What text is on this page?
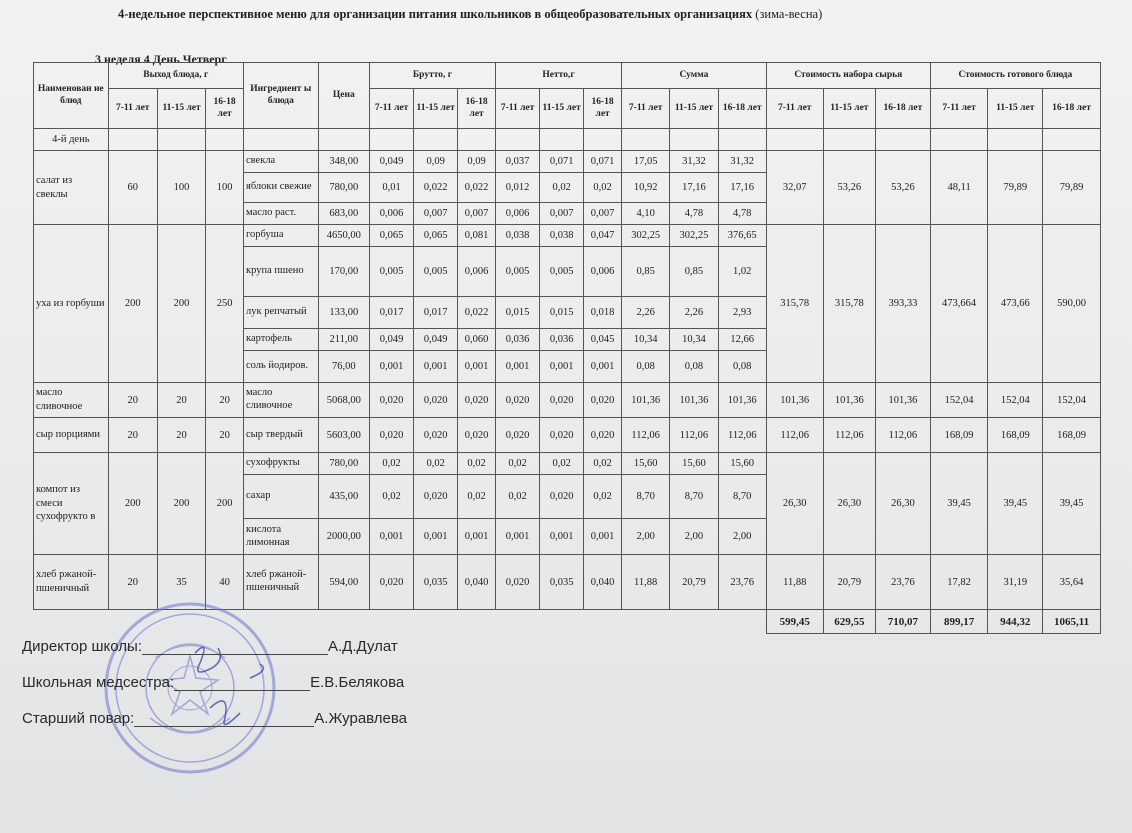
4-недельное перспективное меню для организации питания школьников в общеобразовательных организациях (зима-весна)
3 неделя 4 День Четверг
Наименован ие блюд	Выход блюда, г			Ингредиент ы блюда	Цена	Брутто, г			Нетто,г			Сумма			Стоимость набора сырья			Стоимость готового блюда		
	7-11 лет	11-15 лет	16-18 лет			7-11 лет	11-15 лет	16-18 лет	7-11 лет	11-15 лет	16-18 лет	7-11 лет	11-15 лет	16-18 лет	7-11 лет	11-15 лет	16-18 лет	7-11 лет	11-15 лет	16-18 лет
4-й день																				
салат из свеклы	60	100	100	свекла	348,00	0,049	0,09	0,09	0,037	0,071	0,071	17,05	31,32	31,32	32,07	53,26	53,26	48,11	79,89	79,89
				яблоки свежие	780,00	0,01	0,022	0,022	0,012	0,02	0,02	10,92	17,16	17,16						
				масло раст.	683,00	0,006	0,007	0,007	0,006	0,007	0,007	4,10	4,78	4,78						
уха из горбуши	200	200	250	горбуша	4650,00	0,065	0,065	0,081	0,038	0,038	0,047	302,25	302,25	376,65	315,78	315,78	393,33	473,664	473,66	590,00
				крупа пшено	170,00	0,005	0,005	0,006	0,005	0,005	0,006	0,85	0,85	1,02						
				лук репчатый	133,00	0,017	0,017	0,022	0,015	0,015	0,018	2,26	2,26	2,93						
				картофель	211,00	0,049	0,049	0,060	0,036	0,036	0,045	10,34	10,34	12,66						
				соль йодиров.	76,00	0,001	0,001	0,001	0,001	0,001	0,001	0,08	0,08	0,08						
масло сливочное	20	20	20	масло сливочное	5068,00	0,020	0,020	0,020	0,020	0,020	0,020	101,36	101,36	101,36	101,36	101,36	101,36	152,04	152,04	152,04
сыр порциями	20	20	20	сыр твердый	5603,00	0,020	0,020	0,020	0,020	0,020	0,020	112,06	112,06	112,06	112,06	112,06	112,06	168,09	168,09	168,09
компот из смеси сухофрукто в	200	200	200	сухофрукты	780,00	0,02	0,02	0,02	0,02	0,02	0,02	15,60	15,60	15,60	26,30	26,30	26,30	39,45	39,45	39,45
				сахар	435,00	0,02	0,020	0,02	0,02	0,020	0,02	8,70	8,70	8,70						
				кислота лимонная	2000,00	0,001	0,001	0,001	0,001	0,001	0,001	2,00	2,00	2,00						
хлеб ржаной- пшеничный	20	35	40	хлеб ржаной- пшеничный	594,00	0,020	0,035	0,040	0,020	0,035	0,040	11,88	20,79	23,76	11,88	20,79	23,76	17,82	31,19	35,64
															599,45	629,55	710,07	899,17	944,32	1065,11
Директор школы:	А.Д.Дулат
Школьная медсестра:	Е.В.Белякова
Старший повар:	А.Журавлева
